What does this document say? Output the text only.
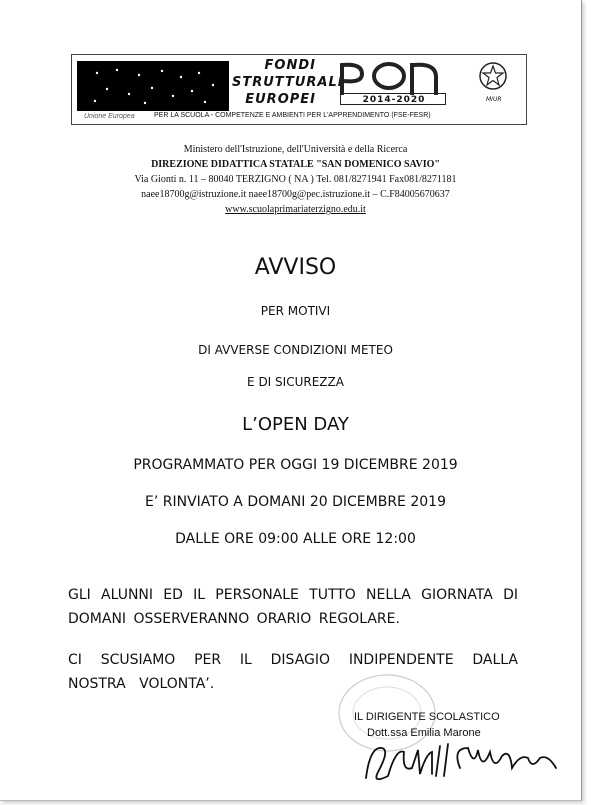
Unione Europea
FONDI
STRUTTURALI
EUROPEI	2014-2020	MIUR
PER LA SCUOLA - COMPETENZE E AMBIENTI PER L'APPRENDIMENTO (FSE-FESR)
Ministero dell'Istruzione, dell'Università e della Ricerca
DIREZIONE DIDATTICA STATALE "SAN DOMENICO SAVIO"
Via Gionti n. 11 – 80040 TERZIGNO ( NA ) Tel. 081/8271941 Fax081/8271181
naee18700g@istruzione.it naee18700g@pec.istruzione.it – C.F84005670637
www.scuolaprimariaterzigno.edu.it
AVVISO
PER MOTIVI
DI AVVERSE CONDIZIONI METEO
E DI SICUREZZA
L’OPEN DAY
PROGRAMMATO PER OGGI 19 DICEMBRE 2019
E’ RINVIATO A DOMANI 20 DICEMBRE 2019
DALLE ORE 09:00 ALLE ORE 12:00
GLI ALUNNI ED IL PERSONALE TUTTO NELLA GIORNATA DI DOMANI OSSERVERANNO ORARIO REGOLARE.
CI SCUSIAMO PER IL DISAGIO INDIPENDENTE DALLA NOSTRA VOLONTA’.
IL DIRIGENTE SCOLASTICO
Dott.ssa Emilia Marone
